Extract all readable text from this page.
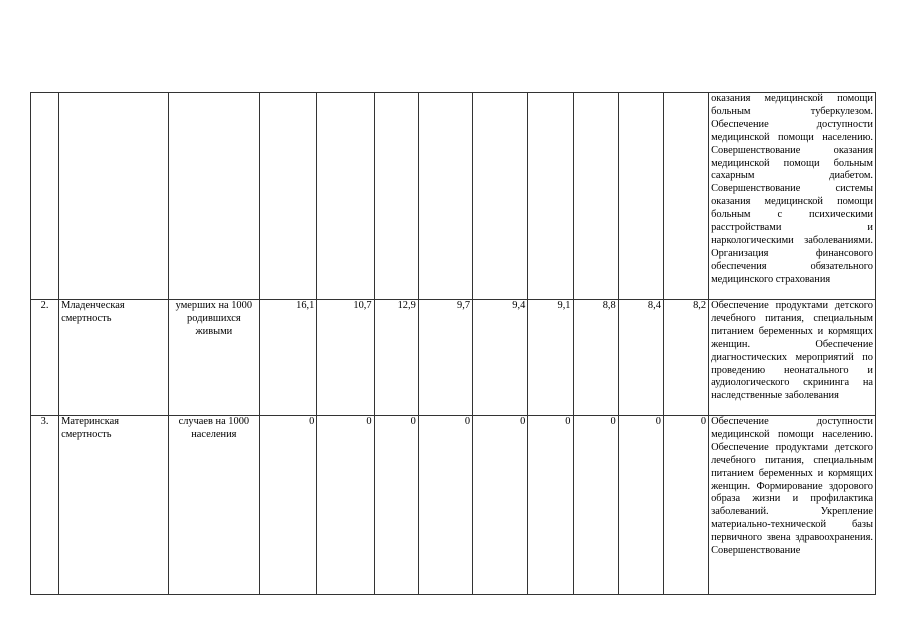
												оказания медицинской помощи больным туберкулезом. Обеспечение доступности медицинской помощи населению. Совершенствование оказания медицинской помощи больным сахарным диабетом. Совершенствование системы оказания медицинской помощи больным с психическими расстройствами и наркологическими заболеваниями. Организация финансового обеспечения обязательного медицинского страхования
2.	Младенческая смертность	умерших на 1000 родившихся живыми	16,1	10,7	12,9	9,7	9,4	9,1	8,8	8,4	8,2	Обеспечение продуктами детского лечебного питания, специальным питанием беременных и кормящих женщин. Обеспечение диагностических мероприятий по проведению неонатального и аудиологического скрининга на наследственные заболевания
3.	Материнская смертность	случаев на 1000 населения	0	0	0	0	0	0	0	0	0	Обеспечение доступности медицинской помощи населению. Обеспечение продуктами детского лечебного питания, специальным питанием беременных и кормящих женщин. Формирование здорового образа жизни и профилактика заболеваний. Укрепление материально-технической базы первичного звена здравоохранения. Совершенствование
